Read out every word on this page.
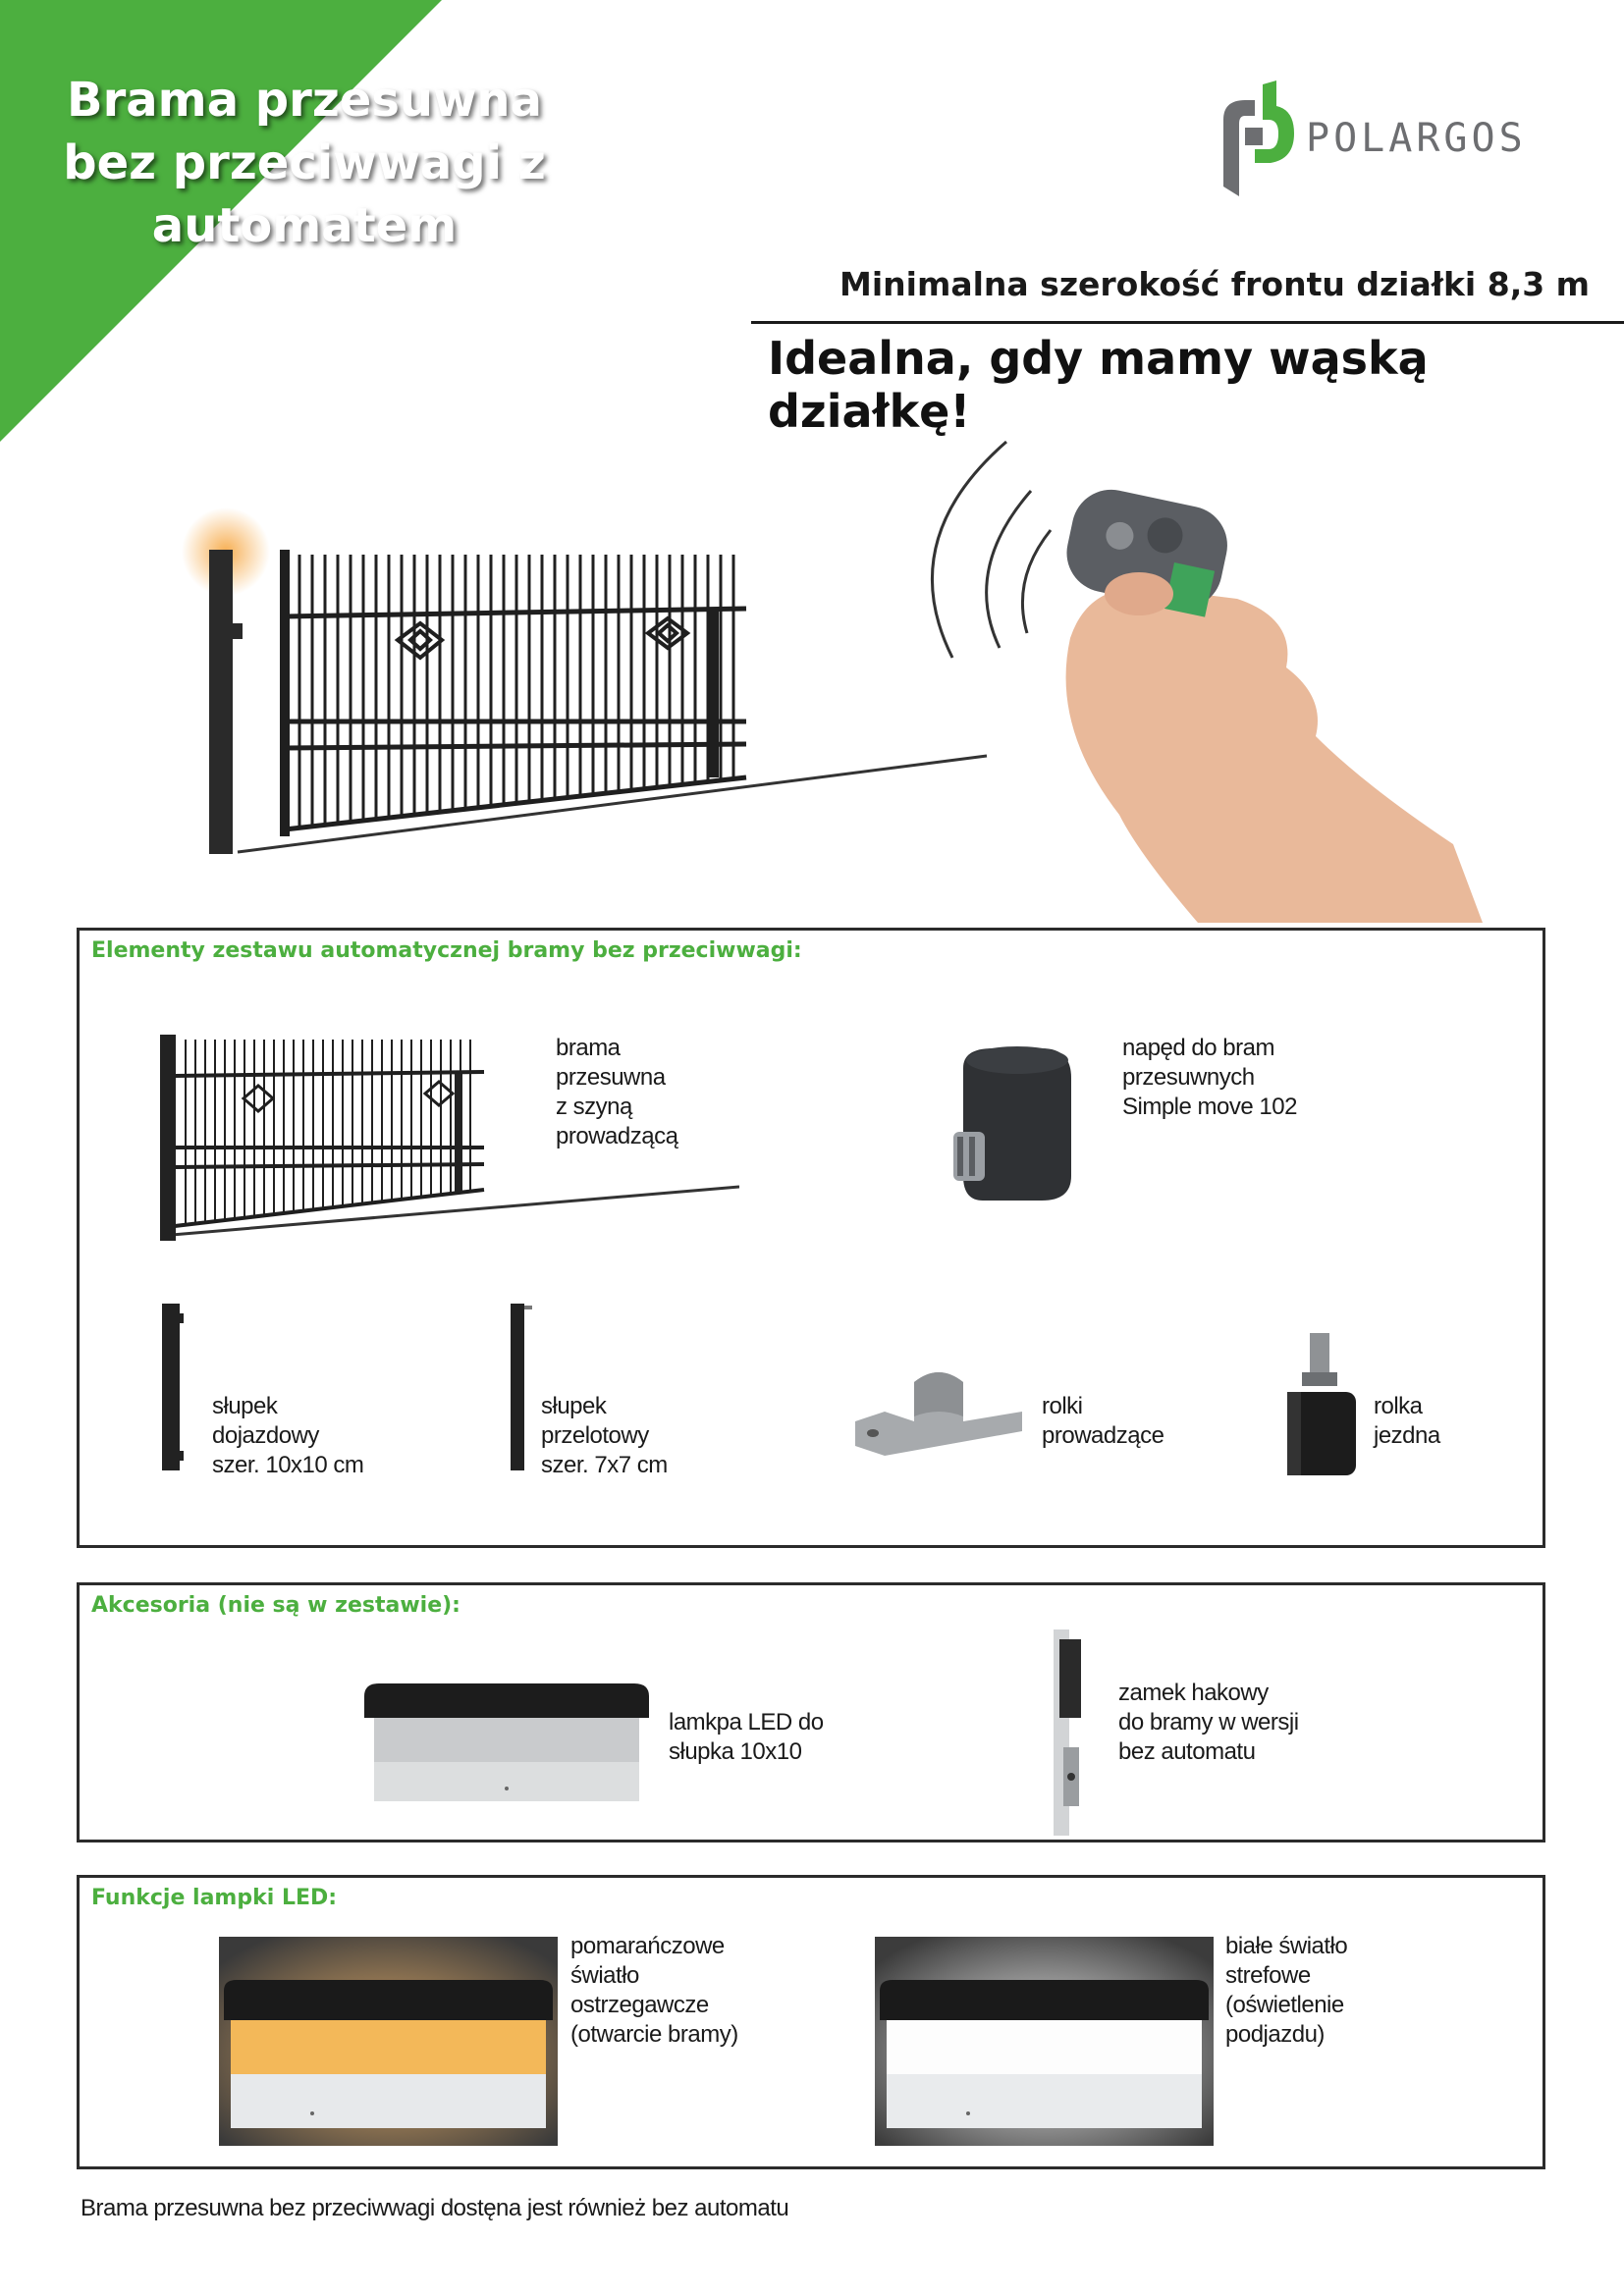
Brama przesuwna
bez przeciwwagi z
automatem
POLARGOS
Minimalna szerokość frontu działki 8,3 m
Idealna, gdy mamy wąską działkę!
Elementy zestawu automatycznej bramy bez przeciwwagi:
brama
przesuwna
z szyną
prowadzącą
napęd do bram
przesuwnych
Simple move 102
słupek
dojazdowy
szer. 10x10 cm
słupek
przelotowy
szer. 7x7 cm
rolki
prowadzące
rolka
jezdna
Akcesoria (nie są w zestawie):
lamkpa LED do
słupka 10x10
zamek hakowy
do bramy w wersji
bez automatu
Funkcje lampki LED:
pomarańczowe
światło
ostrzegawcze
(otwarcie bramy)
białe światło
strefowe
(oświetlenie
podjazdu)
Brama przesuwna bez przeciwwagi dostęna jest również bez automatu
